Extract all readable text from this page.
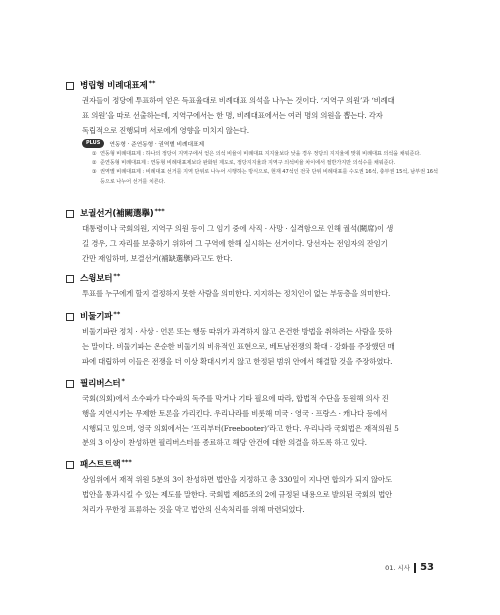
병립형 비례대표제 **
권자들이 정당에 투표하여 얻은 득표율대로 비례대표 의석을 나누는 것이다. ‘지역구 의원’과 ‘비례대
표 의원’을 따로 선출하는데, 지역구에서는 한 명, 비례대표에서는 여러 명의 의원을 뽑는다. 각자
독립적으로 진행되며 서로에게 영향을 미치지 않는다.
PLUS	연동형 · 준연동형 · 권역별 비례대표제
① 연동형 비례대표제 : 하나의 정당이 지역구에서 얻은 의석 비율이 비례대표 지지율보다 낮을 경우 정당의 지지율에 맞춰 비례대표 의석을 채워준다.
② 준연동형 비례대표제 : 연동형 비례대표제보다 완화된 제도로, 정당지지율과 지역구 의석비율 차이에서 절반가지만 의석수를 채워준다.
③ 권역별 비례대표제 : 비례대표 선거를 지역 단위로 나누어 시행하는 방식으로, 현재 47석인 전국 단위 비례대표를 수도권 16석, 충부권 15석, 남부권 16석 등으로 나누어 선거를 치른다.
보궐선거(補闕選擧) ***
대통령이나 국회의원, 지역구 의원 등이 그 임기 중에 사직 · 사망 · 실격함으로 인해 궐석(闕席)이 생
길 경우, 그 자리를 보충하기 위하여 그 구역에 한해 실시하는 선거이다. 당선자는 전임자의 잔임기
간만 재임하며, 보결선거(補缺選擧)라고도 한다.
스윙보터 **
투표를 누구에게 할지 결정하지 못한 사람을 의미한다. 지지하는 정치인이 없는 부동층을 의미한다.
비둘기파 **
비둘기파란 정치 · 사상 · 언론 또는 행동 따위가 과격하지 않고 온건한 방법을 취하려는 사람을 뜻하
는 말이다. 비둘기파는 온순한 비둘기의 비유적인 표현으로, 베트남전쟁의 확대 · 강화를 주장했던 매
파에 대립하여 이들은 전쟁을 더 이상 확대시키지 않고 한정된 범위 안에서 해결할 것을 주장하였다.
필리버스터 *
국회(의회)에서 소수파가 다수파의 독주를 막거나 기타 필요에 따라, 합법적 수단을 동원해 의사 진
행을 지연시키는 무제한 토론을 가리킨다. 우리나라를 비롯해 미국 · 영국 · 프랑스 · 캐나다 등에서
시행되고 있으며, 영국 의회에서는 ‘프리부터(Freebooter)’라고 한다. 우리나라 국회법은 재적의원 5
분의 3 이상이 찬성하면 필리버스터를 종료하고 해당 안건에 대한 의결을 하도록 하고 있다.
패스트트랙 ***
상임위에서 재적 위원 5분의 3이 찬성하면 법안을 지정하고 총 330일이 지나면 합의가 되지 않아도
법안을 통과시킬 수 있는 제도를 말한다. 국회법 제85조의 2에 규정된 내용으로 발의된 국회의 법안
처리가 무한정 표류하는 것을 막고 법안의 신속처리를 위해 마련되었다.
01. 시사 53
